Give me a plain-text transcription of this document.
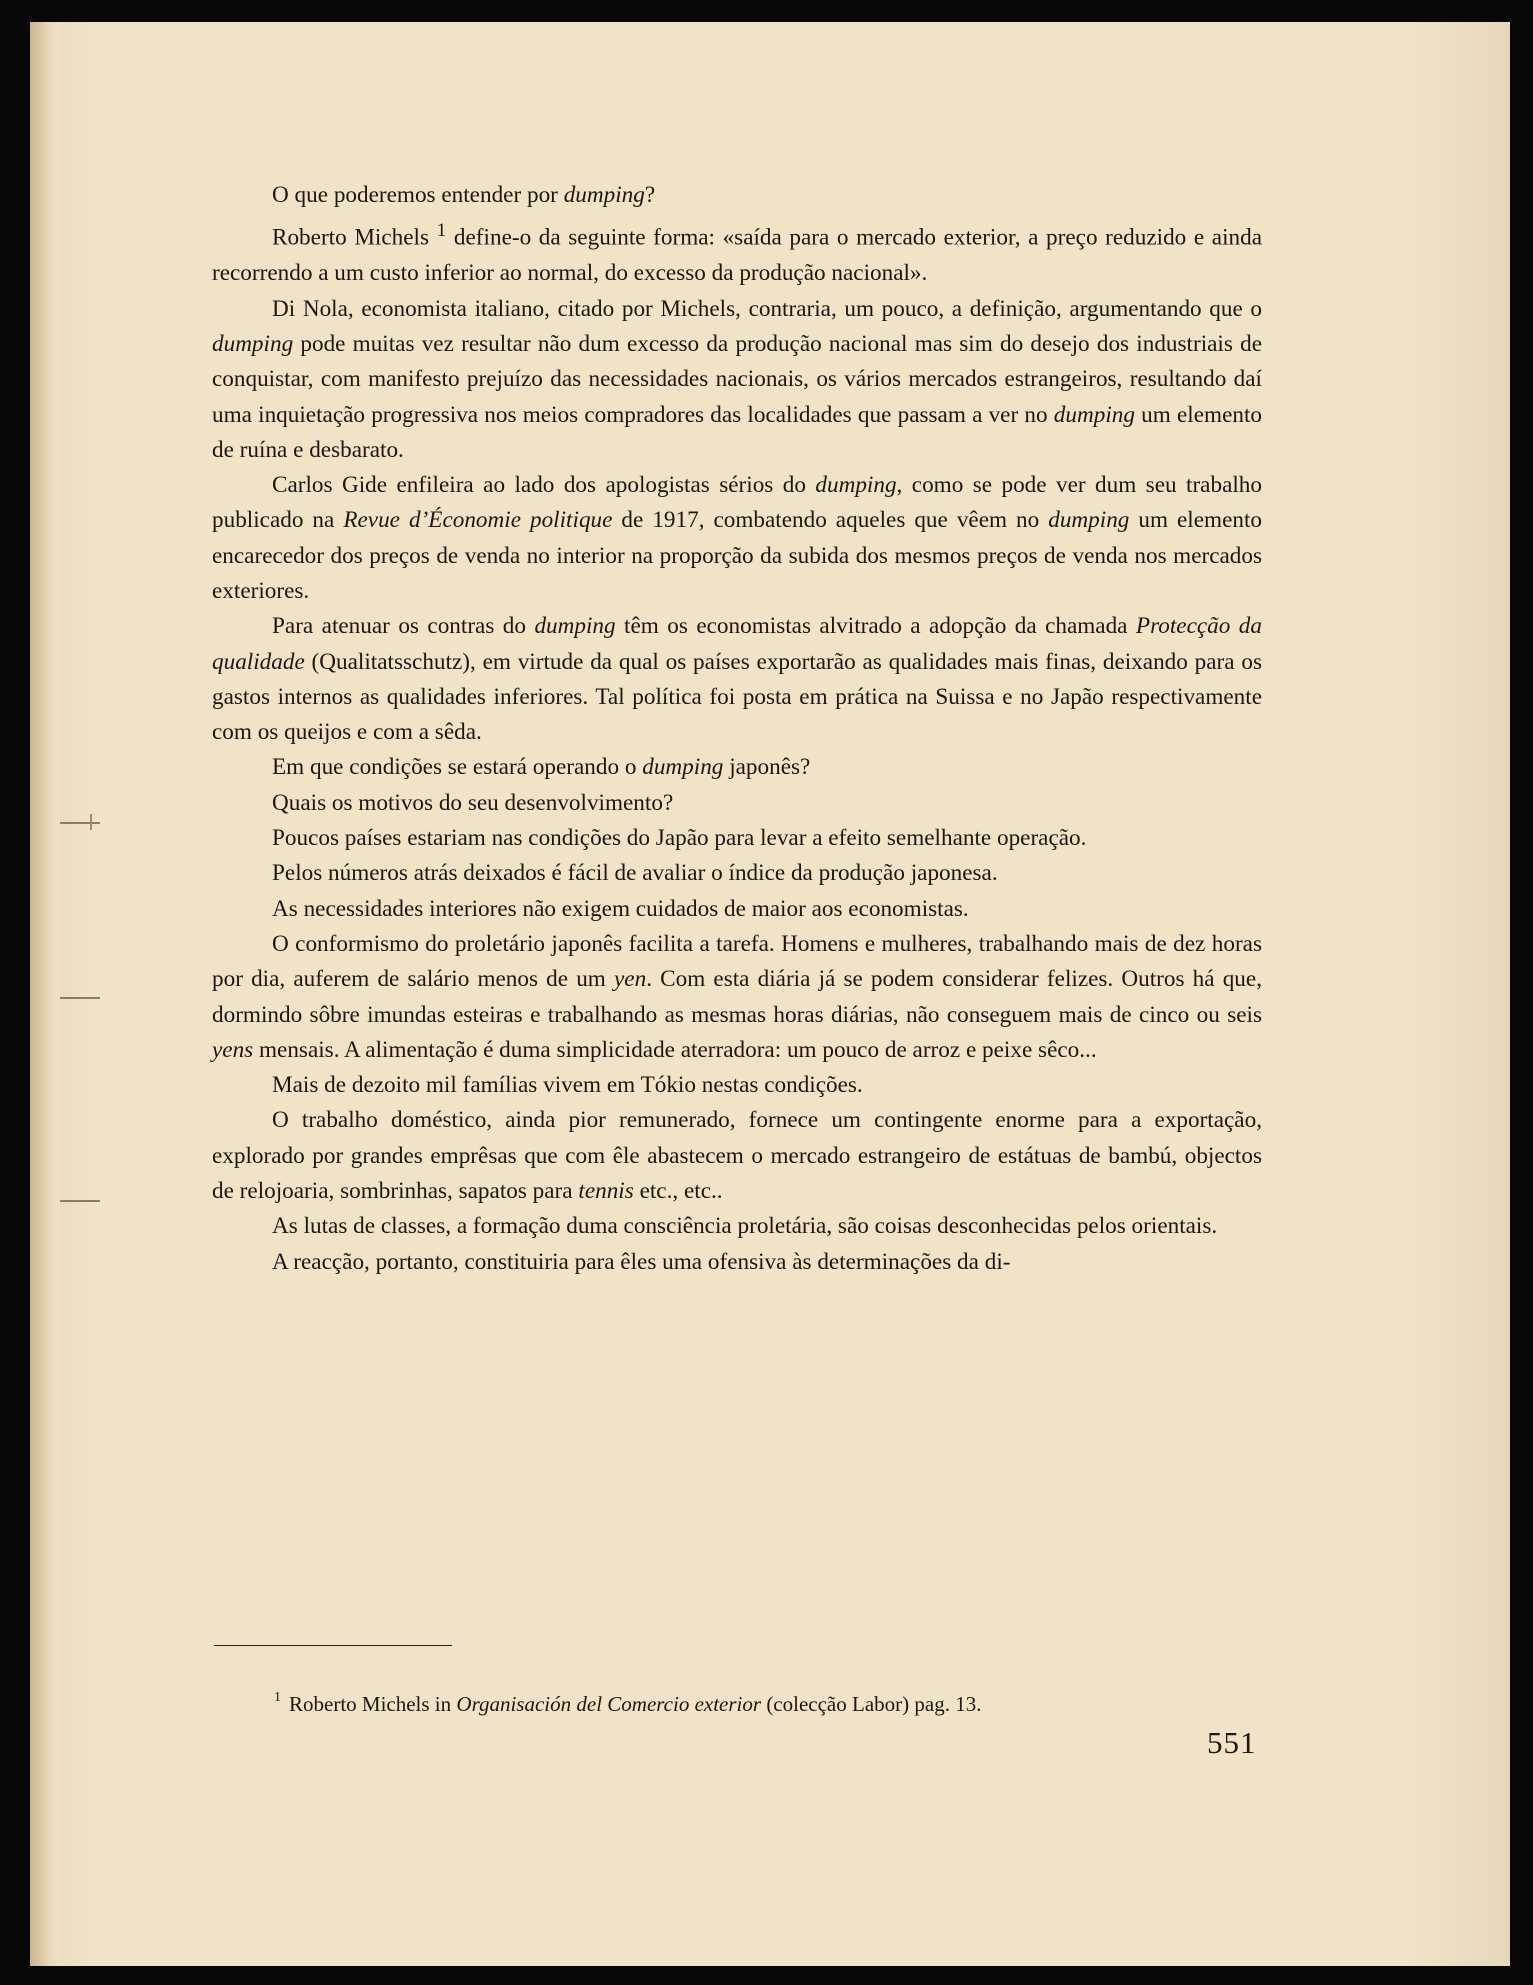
O que poderemos entender por dumping?

Roberto Michels $^1$ define-o da seguinte forma: «saída para o mercado exterior, a preço reduzido e ainda recorrendo a um custo inferior ao normal, do excesso da produção nacional».

Di Nola, economista italiano, citado por Michels, contraria, um pouco, a definição, argumentando que o dumping pode muitas vez resultar não dum excesso da produção nacional mas sim do desejo dos industriais de conquistar, com manifesto prejuízo das necessidades nacionais, os vários mercados estrangeiros, resultando daí uma inquietação progressiva nos meios compradores das localidades que passam a ver no dumping um elemento de ruína e desbarato.

Carlos Gide enfileira ao lado dos apologistas sérios do dumping, como se pode ver dum seu trabalho publicado na Revue d’Économie politique de 1917, combatendo aqueles que vêem no dumping um elemento encarecedor dos preços de venda no interior na proporção da subida dos mesmos preços de venda nos mercados exteriores.

Para atenuar os contras do dumping têm os economistas alvitrado a adopção da chamada Protecção da qualidade (Qualitatsschutz), em virtude da qual os países exportarão as qualidades mais finas, deixando para os gastos internos as qualidades inferiores. Tal política foi posta em prática na Suissa e no Japão respectivamente com os queijos e com a sêda.

Em que condições se estará operando o dumping japonês?

Quais os motivos do seu desenvolvimento?

Poucos países estariam nas condições do Japão para levar a efeito semelhante operação.

Pelos números atrás deixados é fácil de avaliar o índice da produção japonesa.

As necessidades interiores não exigem cuidados de maior aos economistas.

O conformismo do proletário japonês facilita a tarefa. Homens e mulheres, trabalhando mais de dez horas por dia, auferem de salário menos de um yen. Com esta diária já se podem considerar felizes. Outros há que, dormindo sôbre imundas esteiras e trabalhando as mesmas horas diárias, não conseguem mais de cinco ou seis yens mensais. A alimentação é duma simplicidade aterradora: um pouco de arroz e peixe sêco...

Mais de dezoito mil famílias vivem em Tókio nestas condições.

O trabalho doméstico, ainda pior remunerado, fornece um contingente enorme para a exportação, explorado por grandes emprêsas que com êle abastecem o mercado estrangeiro de estátuas de bambú, objectos de relojoaria, sombrinhas, sapatos para tennis etc., etc..

As lutas de classes, a formação duma consciência proletária, são coisas desconhecidas pelos orientais.

A reacção, portanto, constituiria para êles uma ofensiva às determinações da di-

$^1$ Roberto Michels in Organisación del Comercio exterior (colecção Labor) pag. 13.
551
